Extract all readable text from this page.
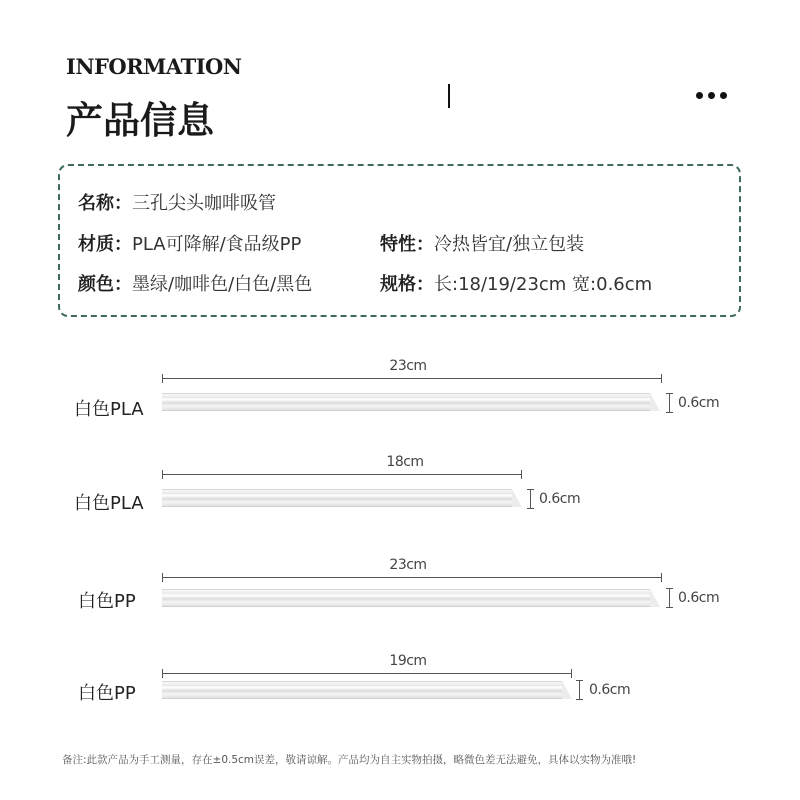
INFORMATION
产品信息
名称：三孔尖头咖啡吸管
材质：PLA可降解/食品级PP	特性：冷热皆宜/独立包装
颜色：墨绿/咖啡色/白色/黑色	规格：长:18/19/23cm 宽:0.6cm
白色PLA
23cm
0.6cm
白色PLA
18cm
0.6cm
白色PP
23cm
0.6cm
白色PP
19cm
0.6cm
备注:此款产品为手工测量，存在±0.5cm误差，敬请谅解。产品均为自主实物拍摄，略微色差无法避免，具体以实物为准哦!
